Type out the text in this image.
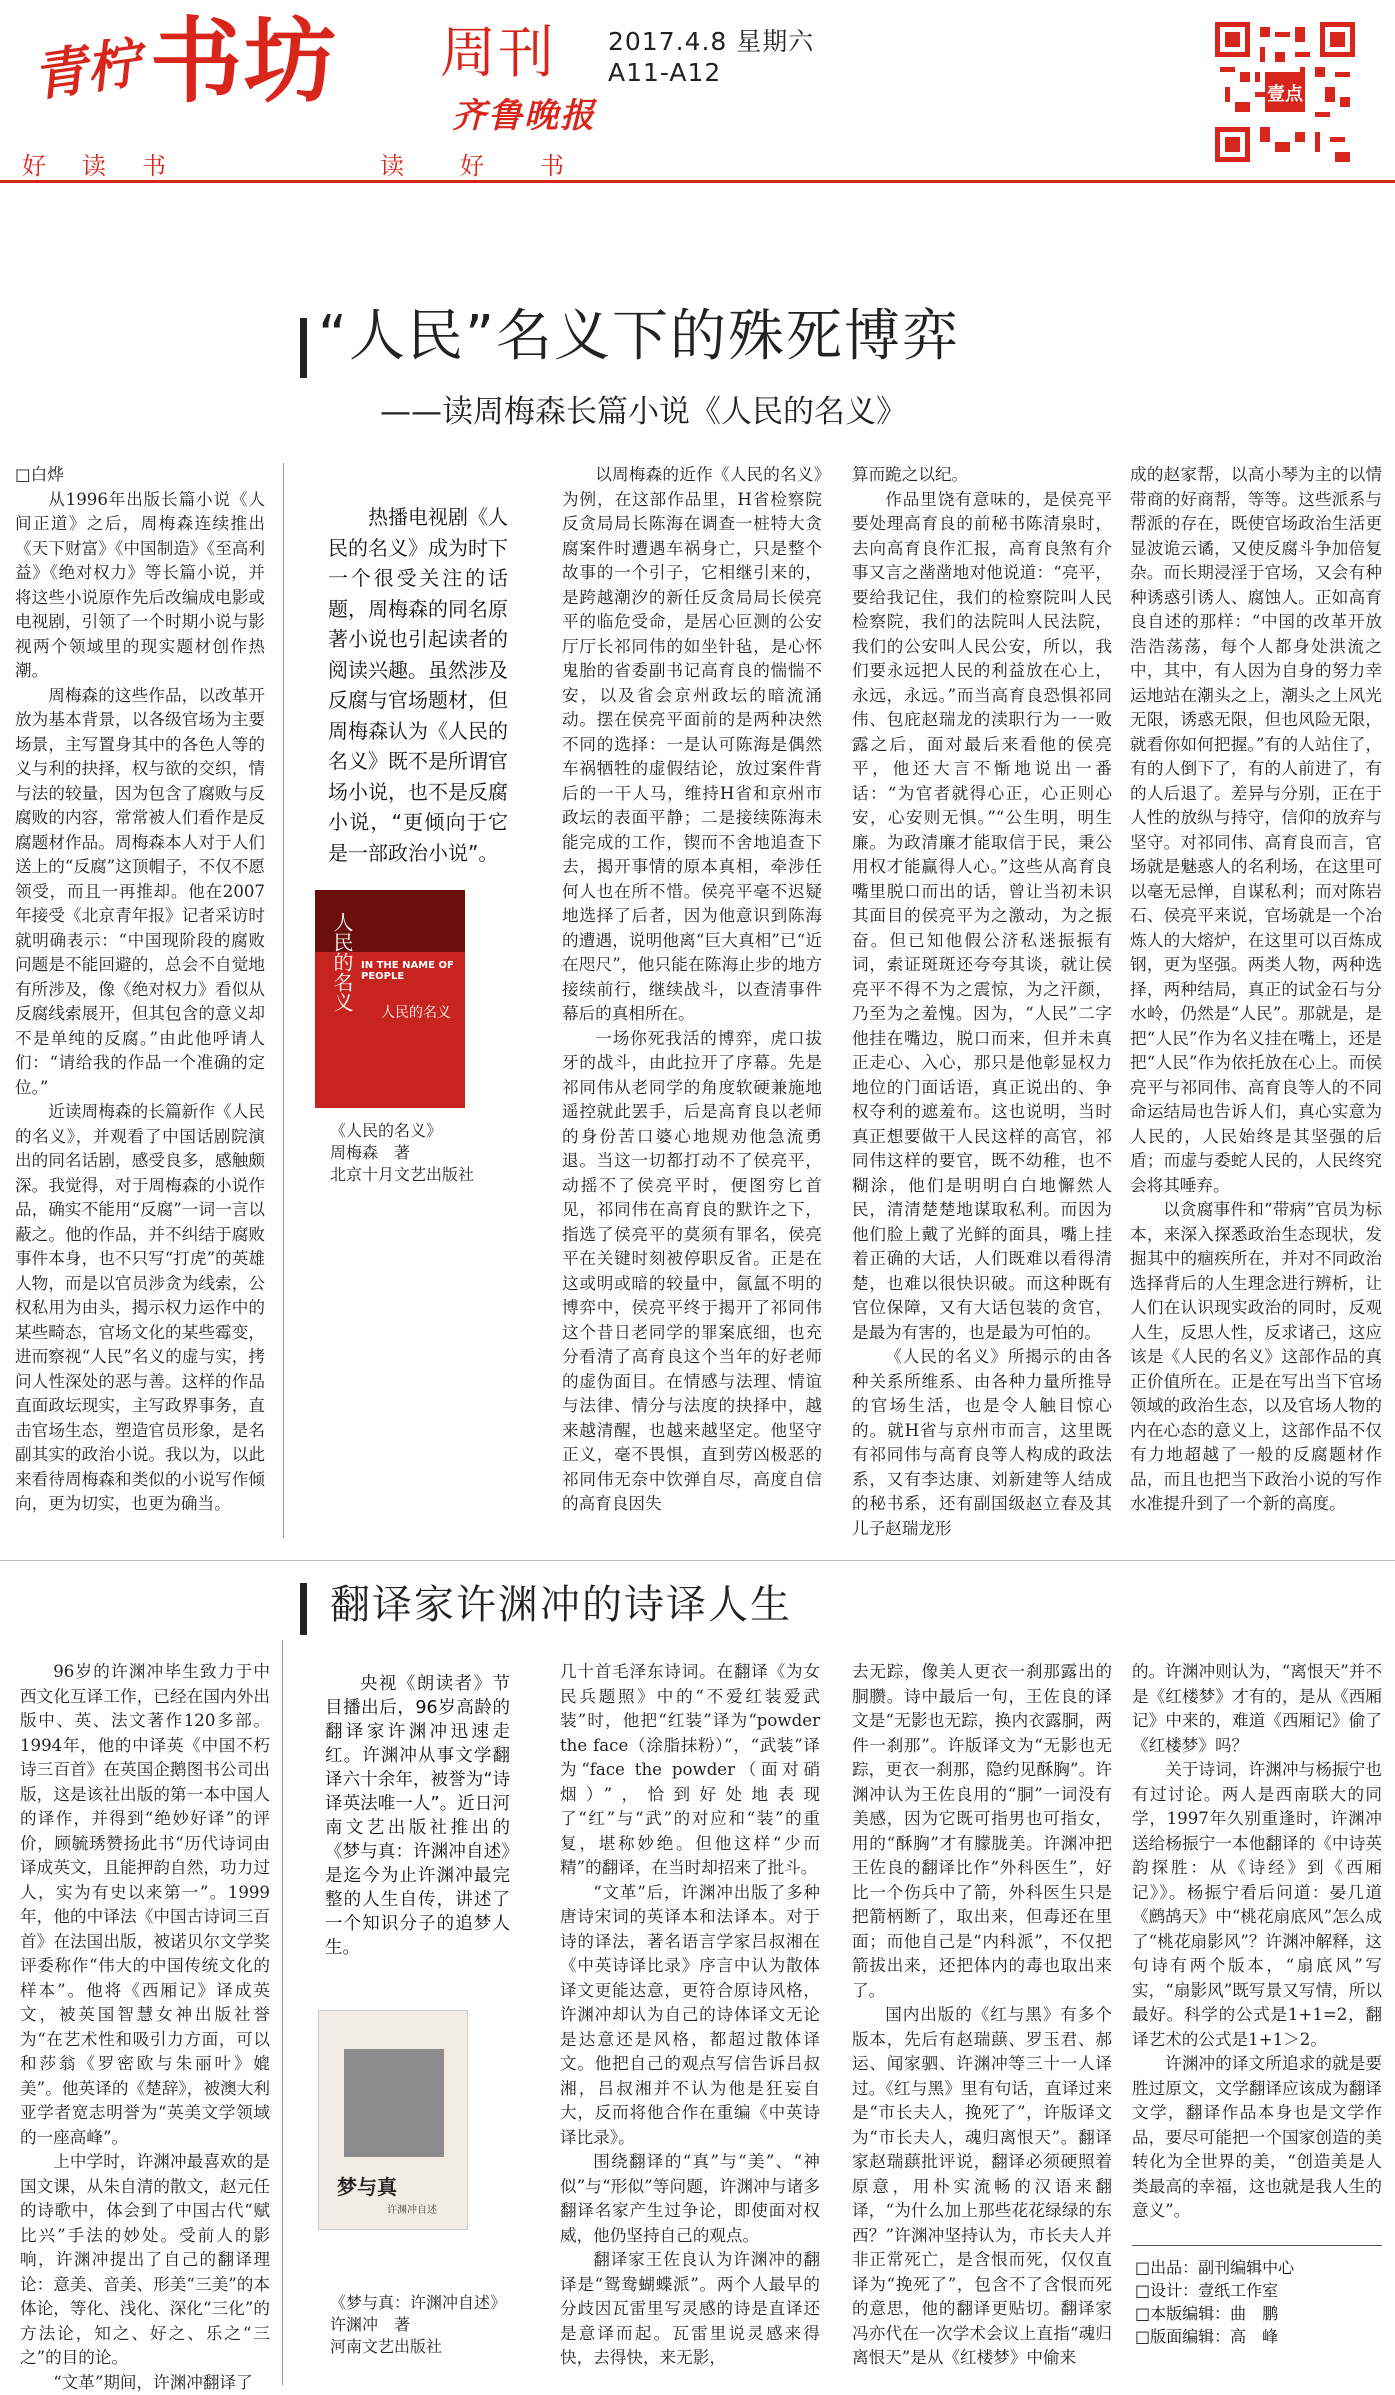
青柠 书坊 周刊
齐鲁晚报
2017.4.8 星期六
A11-A12
壹点
好 读 书	读 好 书
“人民”名义下的殊死博弈
——读周梅森长篇小说《人民的名义》

□白烨

从1996年出版长篇小说《人间正道》之后，周梅森连续推出《天下财富》《中国制造》《至高利益》《绝对权力》等长篇小说，并将这些小说原作先后改编成电影或电视剧，引领了一个时期小说与影视两个领域里的现实题材创作热潮。

周梅森的这些作品，以改革开放为基本背景，以各级官场为主要场景，主写置身其中的各色人等的义与利的抉择，权与欲的交织，情与法的较量，因为包含了腐败与反腐败的内容，常常被人们看作是反腐题材作品。周梅森本人对于人们送上的“反腐”这顶帽子，不仅不愿领受，而且一再推却。他在2007年接受《北京青年报》记者采访时就明确表示：“中国现阶段的腐败问题是不能回避的，总会不自觉地有所涉及，像《绝对权力》看似从反腐线索展开，但其包含的意义却不是单纯的反腐。”由此他呼请人们：“请给我的作品一个准确的定位。”

近读周梅森的长篇新作《人民的名义》，并观看了中国话剧院演出的同名话剧，感受良多，感触颇深。我觉得，对于周梅森的小说作品，确实不能用“反腐”一词一言以蔽之。他的作品，并不纠结于腐败事件本身，也不只写“打虎”的英雄人物，而是以官员涉贪为线索，公权私用为由头，揭示权力运作中的某些畸态，官场文化的某些霉变，进而察视“人民”名义的虚与实，拷问人性深处的恶与善。这样的作品直面政坛现实，主写政界事务，直击官场生态，塑造官员形象，是名副其实的政治小说。我以为，以此来看待周梅森和类似的小说写作倾向，更为切实，也更为确当。

热播电视剧《人民的名义》成为时下一个很受关注的话题，周梅森的同名原著小说也引起读者的阅读兴趣。虽然涉及反腐与官场题材，但周梅森认为《人民的名义》既不是所谓官场小说，也不是反腐小说，“更倾向于它是一部政治小说”。

人民的名义 IN THE NAME OF PEOPLE
人民的名义
《人民的名义》
周梅森　著
北京十月文艺出版社

以周梅森的近作《人民的名义》为例，在这部作品里，H省检察院反贪局局长陈海在调查一桩特大贪腐案件时遭遇车祸身亡，只是整个故事的一个引子，它相继引来的，是跨越潮汐的新任反贪局局长侯亮平的临危受命，是居心叵测的公安厅厅长祁同伟的如坐针毡，是心怀鬼胎的省委副书记高育良的惴惴不安，以及省会京州政坛的暗流涌动。摆在侯亮平面前的是两种决然不同的选择：一是认可陈海是偶然车祸牺牲的虚假结论，放过案件背后的一干人马，维持H省和京州市政坛的表面平静；二是接续陈海未能完成的工作，锲而不舍地追查下去，揭开事情的原本真相，牵涉任何人也在所不惜。侯亮平毫不迟疑地选择了后者，因为他意识到陈海的遭遇，说明他离“巨大真相”已“近在咫尺”，他只能在陈海止步的地方接续前行，继续战斗，以查清事件幕后的真相所在。

一场你死我活的博弈，虎口拔牙的战斗，由此拉开了序幕。先是祁同伟从老同学的角度软硬兼施地遥控就此罢手，后是高育良以老师的身份苦口婆心地规劝他急流勇退。当这一切都打动不了侯亮平，动摇不了侯亮平时，便图穷匕首见，祁同伟在高育良的默许之下，指选了侯亮平的莫须有罪名，侯亮平在关键时刻被停职反省。正是在这或明或暗的较量中，氤氲不明的博弈中，侯亮平终于揭开了祁同伟这个昔日老同学的罪案底细，也充分看清了高育良这个当年的好老师的虚伪面目。在情感与法理、情谊与法律、情分与法度的抉择中，越来越清醒，也越来越坚定。他坚守正义，毫不畏惧，直到劳凶极恶的祁同伟无奈中饮弹自尽，高度自信的高育良因失

算而跪之以纪。

作品里饶有意味的，是侯亮平要处理高育良的前秘书陈清泉时，去向高育良作汇报，高育良煞有介事又言之凿凿地对他说道：“亮平，要给我记住，我们的检察院叫人民检察院，我们的法院叫人民法院，我们的公安叫人民公安，所以，我们要永远把人民的利益放在心上，永远，永远。”而当高育良恐惧祁同伟、包庇赵瑞龙的渎职行为一一败露之后，面对最后来看他的侯亮平，他还大言不惭地说出一番话：“为官者就得心正，心正则心安，心安则无惧。”“公生明，明生廉。为政清廉才能取信于民，秉公用权才能赢得人心。”这些从高育良嘴里脱口而出的话，曾让当初未识其面目的侯亮平为之激动，为之振奋。但已知他假公济私迷振振有词，索证斑斑还夸夸其谈，就让侯亮平不得不为之震惊，为之汗颜，乃至为之羞愧。因为，“人民”二字他挂在嘴边，脱口而来，但并未真正走心、入心，那只是他彰显权力地位的门面话语，真正说出的、争权夺利的遮羞布。这也说明，当时真正想要做干人民这样的高官，祁同伟这样的要官，既不幼稚，也不糊涂，他们是明明白白地懈然人民，清清楚楚地谋取私利。而因为他们脸上戴了光鲜的面具，嘴上挂着正确的大话，人们既难以看得清楚，也难以很快识破。而这种既有官位保障，又有大话包装的贪官，是最为有害的，也是最为可怕的。

《人民的名义》所揭示的由各种关系所维系、由各种力量所推导的官场生活，也是令人触目惊心的。就H省与京州市而言，这里既有祁同伟与高育良等人构成的政法系，又有李达康、刘新建等人结成的秘书系，还有副国级赵立春及其儿子赵瑞龙形

成的赵家帮，以高小琴为主的以情带商的好商帮，等等。这些派系与帮派的存在，既使官场政治生活更显波诡云谲，又使反腐斗争加倍复杂。而长期浸淫于官场，又会有种种诱惑引诱人、腐蚀人。正如高育良自述的那样：“中国的改革开放浩浩荡荡，每个人都身处洪流之中，其中，有人因为自身的努力幸运地站在潮头之上，潮头之上风光无限，诱惑无限，但也风险无限，就看你如何把握。”有的人站住了，有的人倒下了，有的人前进了，有的人后退了。差异与分别，正在于人性的放纵与持守，信仰的放弃与坚守。对祁同伟、高育良而言，官场就是魅惑人的名利场，在这里可以毫无忌惮，自谋私利；而对陈岩石、侯亮平来说，官场就是一个冶炼人的大熔炉，在这里可以百炼成钢，更为坚强。两类人物，两种选择，两种结局，真正的试金石与分水岭，仍然是“人民”。那就是，是把“人民”作为名义挂在嘴上，还是把“人民”作为依托放在心上。而侯亮平与祁同伟、高育良等人的不同命运结局也告诉人们，真心实意为人民的，人民始终是其坚强的后盾；而虚与委蛇人民的，人民终究会将其唾弃。

以贪腐事件和“带病”官员为标本，来深入探悉政治生态现状，发掘其中的痼疾所在，并对不同政治选择背后的人生理念进行辨析，让人们在认识现实政治的同时，反观人生，反思人性，反求诸己，这应该是《人民的名义》这部作品的真正价值所在。正是在写出当下官场领域的政治生态，以及官场人物的内在心态的意义上，这部作品不仅有力地超越了一般的反腐题材作品，而且也把当下政治小说的写作水准提升到了一个新的高度。

翻译家许渊冲的诗译人生

96岁的许渊冲毕生致力于中西文化互译工作，已经在国内外出版中、英、法文著作120多部。1994年，他的中译英《中国不朽诗三百首》在英国企鹅图书公司出版，这是该社出版的第一本中国人的译作，并得到“绝妙好译”的评价，顾毓琇赞扬此书“历代诗词由译成英文，且能押韵自然，功力过人，实为有史以来第一”。1999年，他的中译法《中国古诗词三百首》在法国出版，被诺贝尔文学奖评委称作“伟大的中国传统文化的样本”。他将《西厢记》译成英文，被英国智慧女神出版社誉为“在艺术性和吸引力方面，可以和莎翁《罗密欧与朱丽叶》媲美”。他英译的《楚辞》，被澳大利亚学者宽志明誉为“英美文学领域的一座高峰”。

上中学时，许渊冲最喜欢的是国文课，从朱自清的散文，赵元任的诗歌中，体会到了中国古代“赋比兴”手法的妙处。受前人的影响，许渊冲提出了自己的翻译理论：意美、音美、形美“三美”的本体论，等化、浅化、深化“三化”的方法论，知之、好之、乐之“三之”的目的论。

“文革”期间，许渊冲翻译了

央视《朗读者》节目播出后，96岁高龄的翻译家许渊冲迅速走红。许渊冲从事文学翻译六十余年，被誉为“诗译英法唯一人”。近日河南文艺出版社推出的《梦与真：许渊冲自述》是迄今为止许渊冲最完整的人生自传，讲述了一个知识分子的追梦人生。

梦与真
许渊冲自述
《梦与真：许渊冲自述》
许渊冲　著
河南文艺出版社

几十首毛泽东诗词。在翻译《为女民兵题照》中的“不爱红装爱武装”时，他把“红装”译为“powder the face（涂脂抹粉）”，“武装”译为“face the powder（面对硝烟）”，恰到好处地表现了“红”与“武”的对应和“装”的重复，堪称妙绝。但他这样“少而精”的翻译，在当时却招来了批斗。

“文革”后，许渊冲出版了多种唐诗宋词的英译本和法译本。对于诗的译法，著名语言学家吕叔湘在《中英诗译比录》序言中认为散体译文更能达意，更符合原诗风格，许渊冲却认为自己的诗体译文无论是达意还是风格，都超过散体译文。他把自己的观点写信告诉吕叔湘，吕叔湘并不认为他是狂妄自大，反而将他合作在重编《中英诗译比录》。

围绕翻译的“真”与“美”、“神似”与“形似”等问题，许渊冲与诸多翻译名家产生过争论，即使面对权威，他仍坚持自己的观点。

翻译家王佐良认为许渊冲的翻译是“鸳鸯蝴蝶派”。两个人最早的分歧因瓦雷里写灵感的诗是直译还是意译而起。瓦雷里说灵感来得快，去得快，来无影，

去无踪，像美人更衣一刹那露出的胴臜。诗中最后一句，王佐良的译文是“无影也无踪，换内衣露胴，两件一刹那”。许版译文为“无影也无踪，更衣一刹那，隐约见酥胸”。许渊冲认为王佐良用的“胴”一词没有美感，因为它既可指男也可指女，用的“酥胸”才有朦胧美。许渊冲把王佐良的翻译比作“外科医生”，好比一个伤兵中了箭，外科医生只是把箭柄断了，取出来，但毒还在里面；而他自己是“内科派”，不仅把箭拔出来，还把体内的毒也取出来了。

国内出版的《红与黑》有多个版本，先后有赵瑞蕻、罗玉君、郝运、闻家驷、许渊冲等三十一人译过。《红与黑》里有句话，直译过来是“市长夫人，挽死了”，许版译文为“市长夫人，魂归离恨天”。翻译家赵瑞蕻批评说，翻译必须硬照着原意，用朴实流畅的汉语来翻译，“为什么加上那些花花绿绿的东西？”许渊冲坚持认为，市长夫人并非正常死亡，是含恨而死，仅仅直译为“挽死了”，包含不了含恨而死的意思，他的翻译更贴切。翻译家冯亦代在一次学术会议上直指“魂归离恨天”是从《红楼梦》中偷来

的。许渊冲则认为，“离恨天”并不是《红楼梦》才有的，是从《西厢记》中来的，难道《西厢记》偷了《红楼梦》吗？

关于诗词，许渊冲与杨振宁也有过讨论。两人是西南联大的同学，1997年久别重逢时，许渊冲送给杨振宁一本他翻译的《中诗英韵探胜：从《诗经》到《西厢记》》。杨振宁看后问道：晏几道《鹧鸪天》中“桃花扇底风”怎么成了“桃花扇影风”？许渊冲解释，这句诗有两个版本，“扇底风”写实，“扇影风”既写景又写情，所以最好。科学的公式是1+1=2，翻译艺术的公式是1+1＞2。

许渊冲的译文所追求的就是要胜过原文，文学翻译应该成为翻译文学，翻译作品本身也是文学作品，要尽可能把一个国家创造的美转化为全世界的美，“创造美是人类最高的幸福，这也就是我人生的意义”。

□出品：副刊编辑中心
□设计：壹纸工作室
□本版编辑：曲　鹏
□版面编辑：高　峰
